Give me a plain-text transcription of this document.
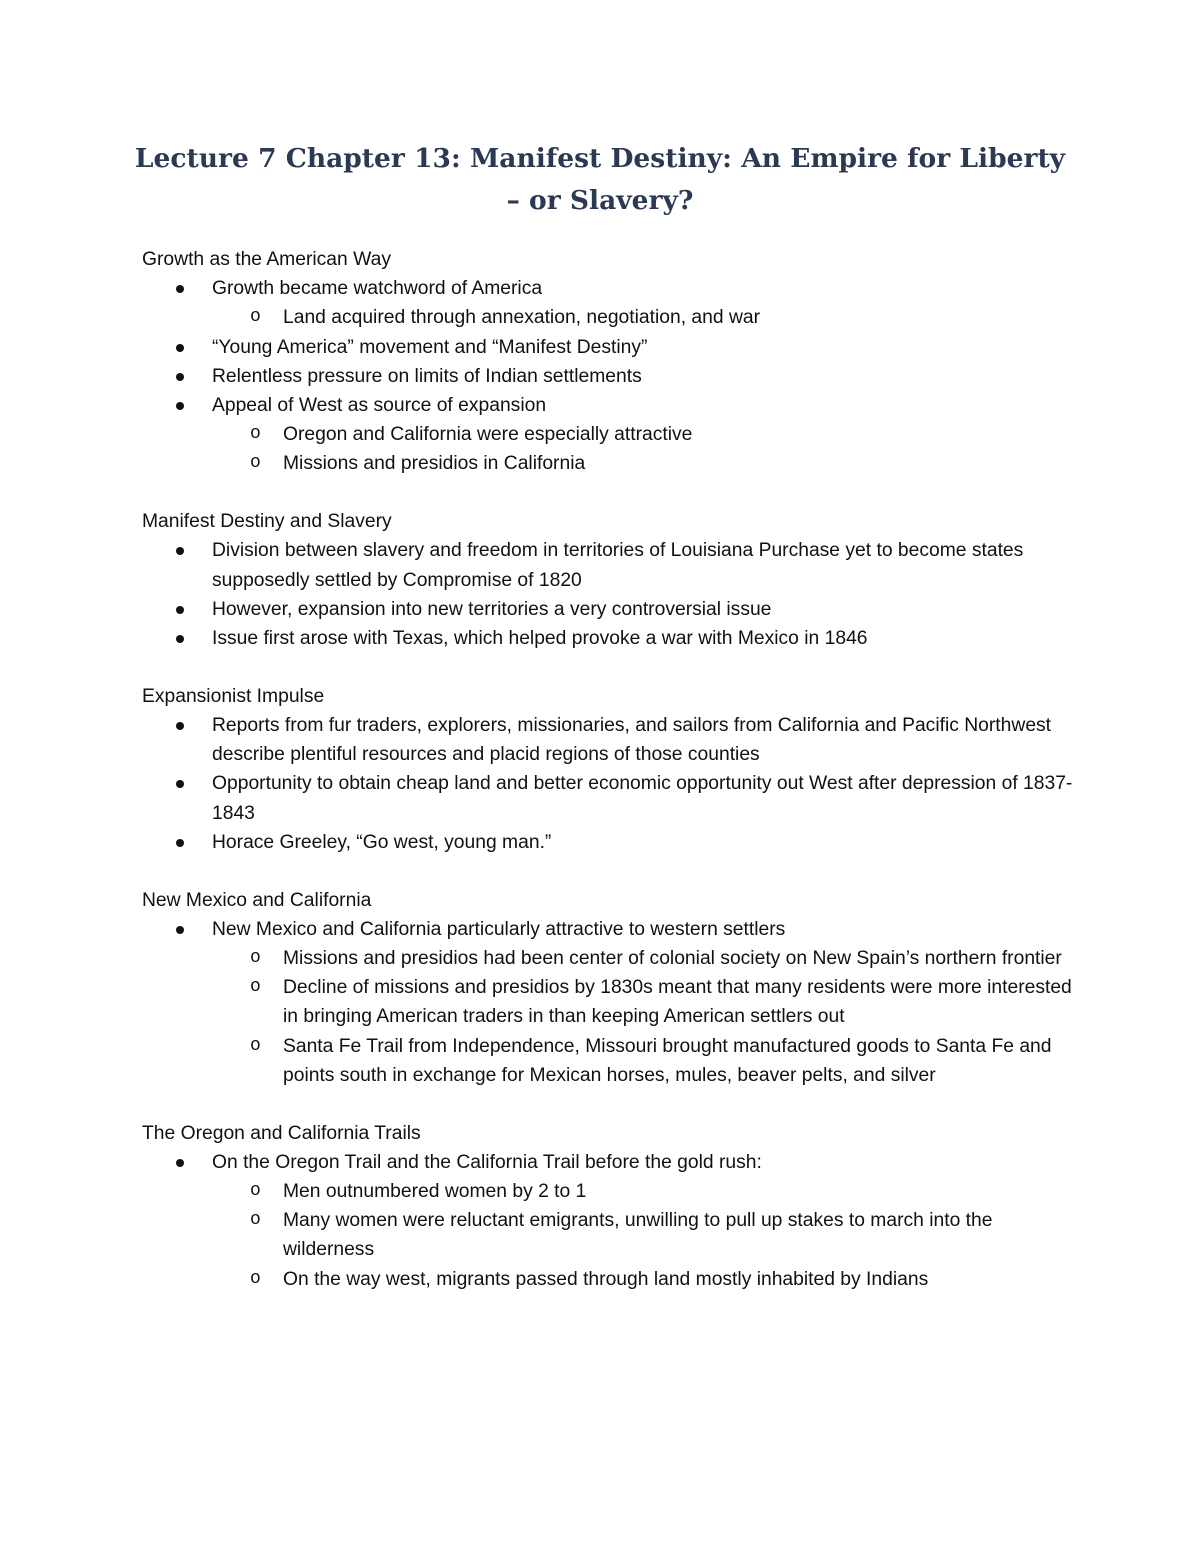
Lecture 7 Chapter 13: Manifest Destiny: An Empire for Liberty – or Slavery?

Growth as the American Way

Growth became watchword of America
o Land acquired through annexation, negotiation, and war
“Young America” movement and “Manifest Destiny”
Relentless pressure on limits of Indian settlements
Appeal of West as source of expansion
o Oregon and California were especially attractive
o Missions and presidios in California

Manifest Destiny and Slavery

Division between slavery and freedom in territories of Louisiana Purchase yet to become states supposedly settled by Compromise of 1820
However, expansion into new territories a very controversial issue
Issue first arose with Texas, which helped provoke a war with Mexico in 1846

Expansionist Impulse

Reports from fur traders, explorers, missionaries, and sailors from California and Pacific Northwest describe plentiful resources and placid regions of those counties
Opportunity to obtain cheap land and better economic opportunity out West after depression of 1837-1843
Horace Greeley, “Go west, young man.”

New Mexico and California

New Mexico and California particularly attractive to western settlers
o Missions and presidios had been center of colonial society on New Spain’s northern frontier
o Decline of missions and presidios by 1830s meant that many residents were more interested in bringing American traders in than keeping American settlers out
o Santa Fe Trail from Independence, Missouri brought manufactured goods to Santa Fe and points south in exchange for Mexican horses, mules, beaver pelts, and silver

The Oregon and California Trails

On the Oregon Trail and the California Trail before the gold rush:
o Men outnumbered women by 2 to 1
o Many women were reluctant emigrants, unwilling to pull up stakes to march into the wilderness
o On the way west, migrants passed through land mostly inhabited by Indians
